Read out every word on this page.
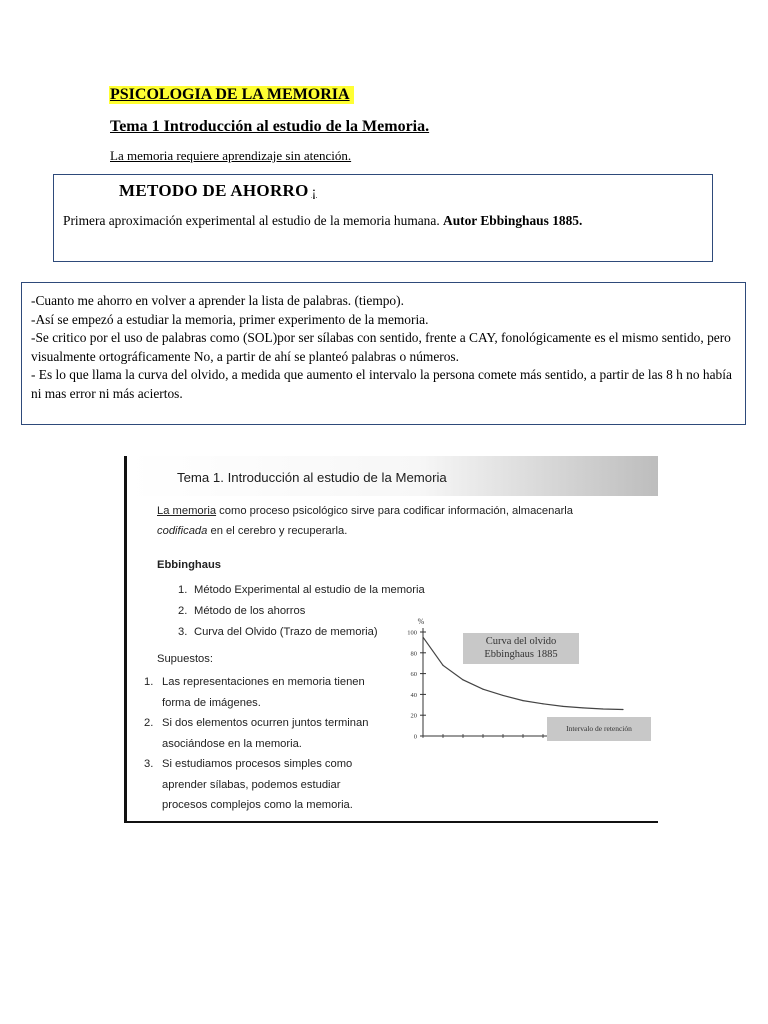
PSICOLOGIA DE LA MEMORIA
Tema 1 Introducción al estudio de la Memoria.
La memoria requiere aprendizaje sin atención.
METODO DE AHORRO ¡
Primera aproximación experimental al estudio de la memoria humana. Autor Ebbinghaus 1885.

-Cuanto me ahorro en volver a aprender la lista de palabras. (tiempo).

-Así se empezó a estudiar la memoria, primer experimento de la memoria.

-Se critico por el uso de palabras como (SOL)por ser sílabas con sentido, frente a CAY, fonológicamente es el mismo sentido, pero visualmente ortográficamente No, a partir de ahí se planteó palabras o números.

- Es lo que llama la curva del olvido, a medida que aumento el intervalo la persona comete más sentido, a partir de las 8 h no había ni mas error ni más aciertos.

Tema 1. Introducción al estudio de la Memoria
La memoria como proceso psicológico sirve para codificar información, almacenarla
codificada en el cerebro y recuperarla.
Ebbinghaus
1. Método Experimental al estudio de la memoria
2. Método de los ahorros
3. Curva del Olvido (Trazo de memoria)
Supuestos:
1. Las representaciones en memoria tienen
forma de imágenes.
2. Si dos elementos ocurren juntos terminan
asociándose en la memoria.
3. Si estudiamos procesos simples como
aprender sílabas, podemos estudiar
procesos complejos como la memoria.
100
80
60
40
20
0
%
Curva del olvido
Ebbinghaus 1885
Intervalo de retención
